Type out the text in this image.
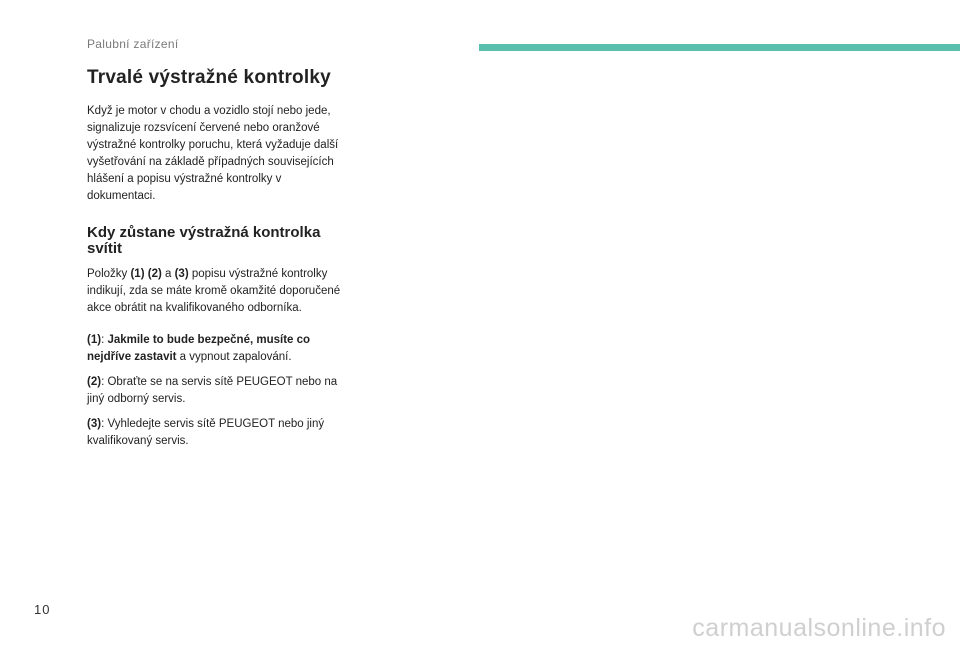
Palubní zařízení
Trvalé výstražné kontrolky

Když je motor v chodu a vozidlo stojí nebo jede, signalizuje rozsvícení červené nebo oranžové výstražné kontrolky poruchu, která vyžaduje další vyšetřování na základě případných souvisejících hlášení a popisu výstražné kontrolky v dokumentaci.

Kdy zůstane výstražná kontrolka svítit

Položky (1) (2) a (3) popisu výstražné kontrolky indikují, zda se máte kromě okamžité doporučené akce obrátit na kvalifikovaného odborníka.

(1): Jakmile to bude bezpečné, musíte co nejdříve zastavit a vypnout zapalování.

(2): Obraťte se na servis sítě PEUGEOT nebo na jiný odborný servis.

(3): Vyhledejte servis sítě PEUGEOT nebo jiný kvalifikovaný servis.

10
carmanualsonline.info
